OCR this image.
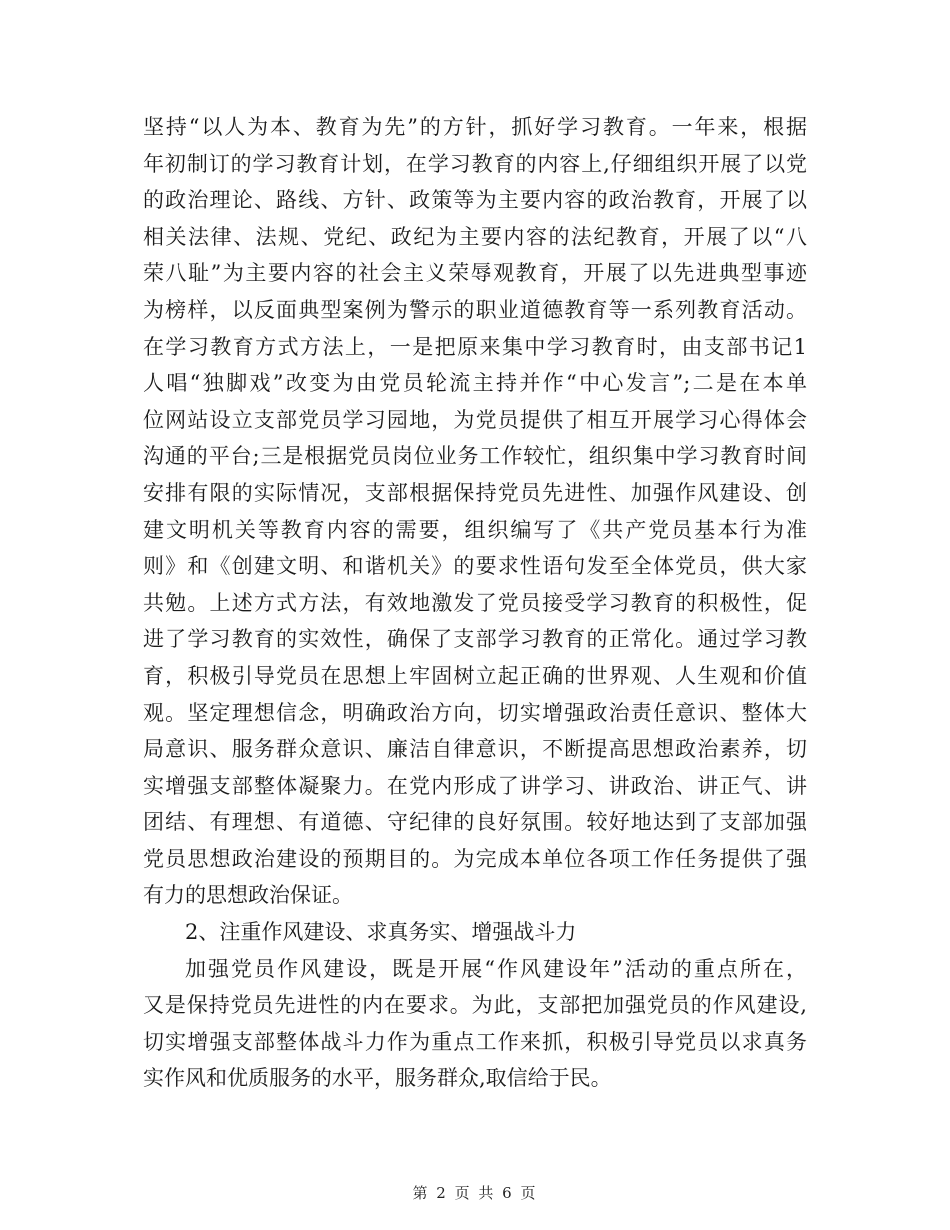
坚持“以人为本、教育为先”的方针，抓好学习教育。一年来，根据
年初制订的学习教育计划，在学习教育的内容上,仔细组织开展了以党
的政治理论、路线、方针、政策等为主要内容的政治教育，开展了以
相关法律、法规、党纪、政纪为主要内容的法纪教育，开展了以“八
荣八耻”为主要内容的社会主义荣辱观教育，开展了以先进典型事迹
为榜样，以反面典型案例为警示的职业道德教育等一系列教育活动。
在学习教育方式方法上，一是把原来集中学习教育时，由支部书记1
人唱“独脚戏”改变为由党员轮流主持并作“中心发言”;二是在本单
位网站设立支部党员学习园地，为党员提供了相互开展学习心得体会
沟通的平台;三是根据党员岗位业务工作较忙，组织集中学习教育时间
安排有限的实际情况，支部根据保持党员先进性、加强作风建设、创
建文明机关等教育内容的需要，组织编写了《共产党员基本行为准
则》和《创建文明、和谐机关》的要求性语句发至全体党员，供大家
共勉。上述方式方法，有效地激发了党员接受学习教育的积极性，促
进了学习教育的实效性，确保了支部学习教育的正常化。通过学习教
育，积极引导党员在思想上牢固树立起正确的世界观、人生观和价值
观。坚定理想信念，明确政治方向，切实增强政治责任意识、整体大
局意识、服务群众意识、廉洁自律意识，不断提高思想政治素养，切
实增强支部整体凝聚力。在党内形成了讲学习、讲政治、讲正气、讲
团结、有理想、有道德、守纪律的良好氛围。较好地达到了支部加强
党员思想政治建设的预期目的。为完成本单位各项工作任务提供了强
有力的思想政治保证。
2、注重作风建设、求真务实、增强战斗力
加强党员作风建设，既是开展“作风建设年”活动的重点所在，
又是保持党员先进性的内在要求。为此，支部把加强党员的作风建设,
切实增强支部整体战斗力作为重点工作来抓，积极引导党员以求真务
实作风和优质服务的水平，服务群众,取信给于民。
第 2 页 共 6 页
